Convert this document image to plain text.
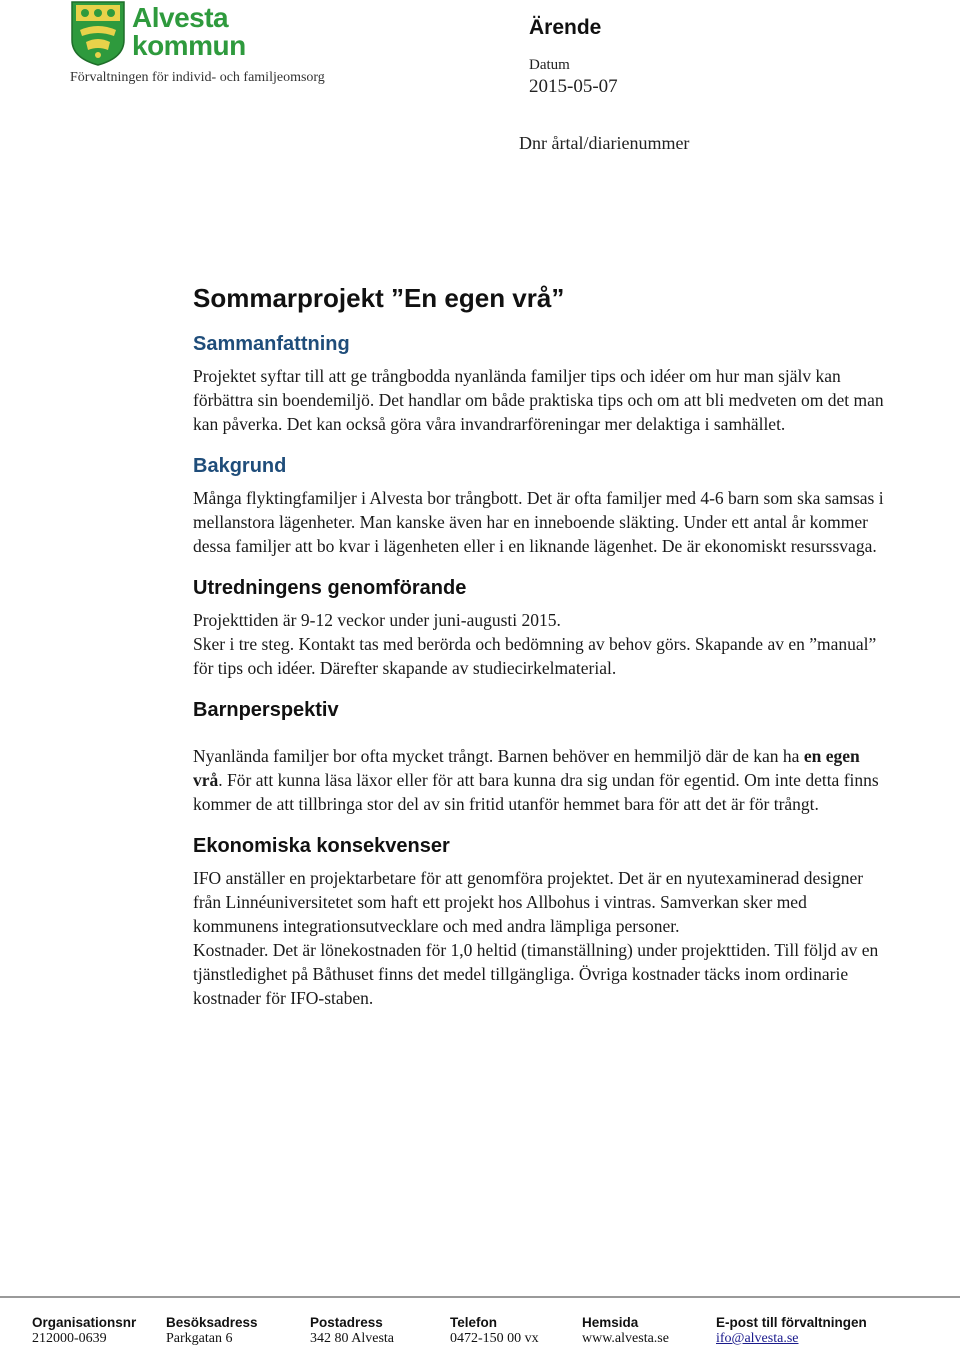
Alvesta
kommun
Förvaltningen för individ- och familjeomsorg
Ärende
Datum
2015-05-07
Dnr årtal/diarienummer
Sommarprojekt ”En egen vrå”
Sammanfattning

Projektet syftar till att ge trångbodda nyanlända familjer tips och idéer om hur man själv kan förbättra sin boendemiljö. Det handlar om både praktiska tips och om att bli medveten om det man kan påverka. Det kan också göra våra invandrarföreningar mer delaktiga i samhället.

Bakgrund

Många flyktingfamiljer i Alvesta bor trångbott. Det är ofta familjer med 4-6 barn som ska samsas i mellanstora lägenheter. Man kanske även har en inneboende släkting. Under ett antal år kommer dessa familjer att bo kvar i lägenheten eller i en liknande lägenhet. De är ekonomiskt resurssvaga.

Utredningens genomförande

Projekttiden är 9-12 veckor under juni-augusti 2015.

Sker i tre steg. Kontakt tas med berörda och bedömning av behov görs. Skapande av en ”manual” för tips och idéer. Därefter skapande av studiecirkelmaterial.

Barnperspektiv

Nyanlända familjer bor ofta mycket trångt. Barnen behöver en hemmiljö där de kan ha en egen vrå. För att kunna läsa läxor eller för att bara kunna dra sig undan för egentid. Om inte detta finns kommer de att tillbringa stor del av sin fritid utanför hemmet bara för att det är för trångt.

Ekonomiska konsekvenser

IFO anställer en projektarbetare för att genomföra projektet. Det är en nyutexaminerad designer från Linnéuniversitetet som haft ett projekt hos Allbohus i vintras. Samverkan sker med kommunens integrationsutvecklare och med andra lämpliga personer.

Kostnader. Det är lönekostnaden för 1,0 heltid (timanställning) under projekttiden. Till följd av en tjänstledighet på Båthuset finns det medel tillgängliga. Övriga kostnader täcks inom ordinarie kostnader för IFO-staben.

Organisationsnr
212000-0639
Besöksadress
Parkgatan 6
Postadress
342 80 Alvesta
Telefon
0472-150 00 vx
Hemsida
www.alvesta.se
E-post till förvaltningen
ifo@alvesta.se
